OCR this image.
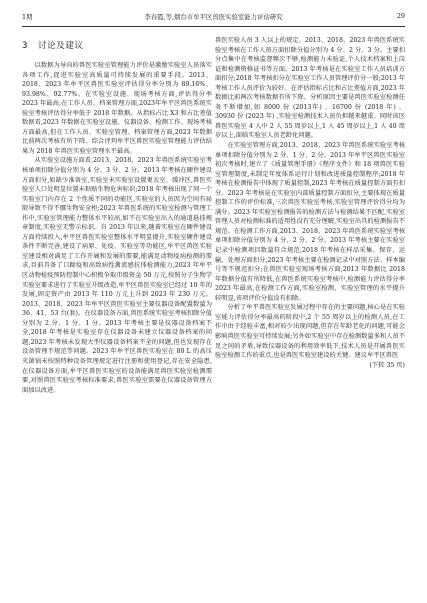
1期	李春霞,等,烟台市牟平区兽医实验室能力评估研究	29
3 讨论及建议

以数据为导向的兽医实验室管理能力评价是激励实验室人员落实各项工作,促进实验室高质量可持续发展的重要手段。2013、2018、2023 年牟平区兽医实验室评估得分率分别为 89.16%、93.98%、92.77%。在实验室设施、现场考核方面,评估得分率 2023 年最高;在工作人员、档案管理方面,2023年牟平区兽医系统实验室考核评估得分率低于 2018 年数据。从指标占比 X3 和占比差值数据看,2023 年数据在实验室设施、仪器设备、检测工作、现场考核方面最高,但在工作人员、实验室管理、档案管理方面,2023 年数据比前两次考核有所下降。综合评判牟平区兽医实验室管理能力评估结果为 2018 年兽医实验室管理水平最高。

从实验室设施方面看,2013、2018、2023 年兽医系统实验室考核单项扣除分值分别为 4 分、3 分、2 分。2013 年考核在硬件建设方面扣分,如缺少准备室,实验室未实验室设置更衣室、缓冲区,兽医实验室人口处明显位置未粘贴生物危害标识;2018 年考核出现了同一个实验室门内存在 2 个性质不同的功能区,实验室的人员因为空间有局限导致不得不挪生物安全柜;2023 年兽医系统的实验室检测与管理工作中,实验室管理能力整体水平较高,如不在实验室出入的通道悬挂规章制度,实验室无警示标识。自 2013 年以来,随着实验室在硬件建设方面持续投入,牟平区兽医实验室整体水平明显提升,实验室硬件建设条件不断完善,建设了病原、免疫、实验室等功能区,牟平区兽医实验室建设相对满足了工作开展和发展的需要,能满足动物疫病检测的需求,目前具备了口蹄疫和高致病性禽流感抗体检测能力,2023 年牟平区动物检疫预防控制中心积极争取市级资金 50 万元,按照分子生物学实验室要求进行了实验室升级改造,牟平区兽医实验室已经过 10 年的发展,固定资产由 2013 年 110 万元上升到 2023 年 230 万元。2013、2018、2023 年牟平区兽医实验室主要仪器设备配置数量为 36、41、53 台(套)。在仪器设备方面,兽医系统实验室考核扣除分值分别为 2 分、1 分、1 分。2013 年考核主要是仪器设备档案不全,2018 年考核是实验室存在仪器设备未建立仪器设备档案的问题,2023 年考核未发现大型仪器设备档案不全的问题,但也发现存在设备管理不规范等问题。2023 年牟平区兽医实验室在 80 L 的高压灭菌锅未按照特种设备管理规定进行注册和使用登记,存在安全隐患,在仪器设备方面,牟平区兽医实验室的设备能满足兽医实验室检测需要,对照兽医实验室考核标准要求,兽医实验室需要在仪器设备管理方面加以改进。

兽医实验人员 3 人以上的规定。2013、2018、2023 年兽医系统实验室考核在工作人员方面扣除分值分别为 4 分、2 分、3 分。主要扣分点集中在考核监督频次不够,检测能力未验证,个人技术档案和上岗证和检测资格证书等方面。2013 年考核是在实验室工作人员培训方面扣分;2018 年考核扣分在实验室工作人员管理评价分一般;2013 年考核工作人员评价为较好。在评估指标占比和占比差值方面,2023 年数据比前两次考核数据有所下降。分析原因主要是兽医实验室检测任务不断增加,如 8000 份 (2013年) 、16700 份 (2018 年) 、30930 份 (2023 年) ,实验室检测技术人员负担越来越重。同时该区兽医实验室 4 人中 2 人 55 周岁以上,1 人 45 周岁以上,1 人 40 周岁以上,面临实验室人员老龄化问题。

在实验室管理方面,2013、2018、2023 年兽医系统实验室考核单项扣除分值分别为 2 分、1 分、2 分。2013 年牟平区兽医实验室初次考核时,建立了《质量管理手册》《程序文件》和 18 项兽医实验室管理制度,未制定年度体系运行计划和改进质量控制程序;2018 年考核在检测报告中体现了质量控制,2023 年考核在质量控制方面有扣分。2023 年考核是在实验室内部质量控制方面扣分,主要体现在质量控制工作的评价标准,三次兽医实验室考核,实验室管理评价得分均为满分。2023 年实验室检测报告的检测方法与检测结果不匹配,实验室管理人员对检测标准的适用性没有充分理解,实验室出具的检测报告不规范。在检测工作方面,2013、2018、2023 年兽医系统实验室考核单项扣除分值分别为 4 分、2 分、2 分。2013 年考核主要在实验室记录中检测项目数量符合规范,2018 年考核在样品采集、保存、运输、处理方面扣分,2023 年考核主要在检测记录中对照方法、样本编号等不规范扣分;在兽医实验室现场考核方面,2013 年数据比 2018 年数据分值有所降低,在兽医系统实验室考核中,检测能力评估得分率 2023 年最高,在检测工作方面,实验室检测、实验室管理的水平提升较明显,该项评价分值没有扣除。

分析了牟平兽医实验室发展过程中存在的主要问题,核心是在实验室能力评估得分率最高的阶段中,2 个 55 周岁以上的检测人员,在工作中由于经验丰富,相对较少出现问题,但存在年龄老化的问题,可能会影响兽医实验室可持续发展;另外如实验室中存在检测数量多和人员不足之间的矛盾,导致仪器设备的利用效率低下,技术人员是开展兽医实验室检测工作的重点,也是兽医实验室建设的关键。建议牟平区兽医

(下转 35 页)
